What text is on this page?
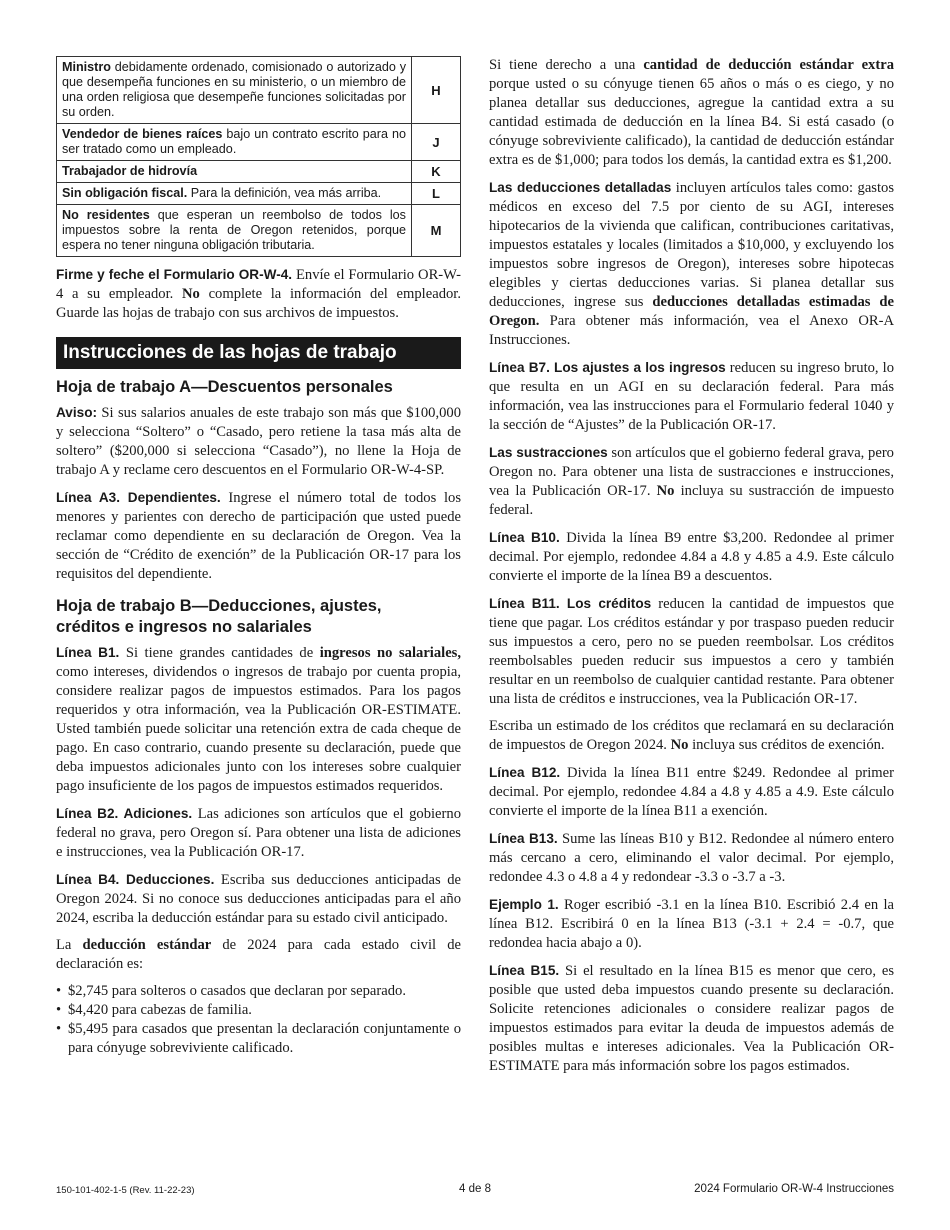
Ministro debidamente ordenado, comisionado o autorizado y que desempeña funciones en su ministerio, o un miembro de una orden religiosa que desempeñe funciones solicitadas por su orden.	H
Vendedor de bienes raíces bajo un contrato escrito para no ser tratado como un empleado.	J
Trabajador de hidrovía	K
Sin obligación fiscal. Para la definición, vea más arriba.	L
No residentes que esperan un reembolso de todos los impuestos sobre la renta de Oregon retenidos, porque espera no tener ninguna obligación tributaria.	M

Firme y feche el Formulario OR-W-4. Envíe el Formulario OR-W-4 a su empleador. No complete la información del empleador. Guarde las hojas de trabajo con sus archivos de impuestos.

Instrucciones de las hojas de trabajo
Hoja de trabajo A—Descuentos personales

Aviso: Si sus salarios anuales de este trabajo son más que $100,000 y selecciona “Soltero” o “Casado, pero retiene la tasa más alta de soltero” ($200,000 si selecciona “Casado”), no llene la Hoja de trabajo A y reclame cero descuentos en el Formulario OR-W-4-SP.

Línea A3. Dependientes. Ingrese el número total de todos los menores y parientes con derecho de participación que usted puede reclamar como dependiente en su declaración de Oregon. Vea la sección de “Crédito de exención” de la Publicación OR-17 para los requisitos del dependiente.

Hoja de trabajo B—Deducciones, ajustes,
créditos e ingresos no salariales

Línea B1. Si tiene grandes cantidades de ingresos no salariales, como intereses, dividendos o ingresos de trabajo por cuenta propia, considere realizar pagos de impuestos estimados. Para los pagos requeridos y otra información, vea la Publicación OR-ESTIMATE. Usted también puede solicitar una retención extra de cada cheque de pago. En caso contrario, cuando presente su declaración, puede que deba impuestos adicionales junto con los intereses sobre cualquier pago insuficiente de los pagos de impuestos estimados requeridos.

Línea B2. Adiciones. Las adiciones son artículos que el gobierno federal no grava, pero Oregon sí. Para obtener una lista de adiciones e instrucciones, vea la Publicación OR-17.

Línea B4. Deducciones. Escriba sus deducciones anticipadas de Oregon 2024. Si no conoce sus deducciones anticipadas para el año 2024, escriba la deducción estándar para su estado civil anticipado.

La deducción estándar de 2024 para cada estado civil de declaración es:

• $2,745 para solteros o casados que declaran por separado.
• $4,420 para cabezas de familia.
• $5,495 para casados que presentan la declaración conjuntamente o para cónyuge sobreviviente calificado.

Si tiene derecho a una cantidad de deducción estándar extra porque usted o su cónyuge tienen 65 años o más o es ciego, y no planea detallar sus deducciones, agregue la cantidad extra a su cantidad estimada de deducción en la línea B4. Si está casado (o cónyuge sobreviviente calificado), la cantidad de deducción estándar extra es de $1,000; para todos los demás, la cantidad extra es $1,200.

Las deducciones detalladas incluyen artículos tales como: gastos médicos en exceso del 7.5 por ciento de su AGI, intereses hipotecarios de la vivienda que califican, contribuciones caritativas, impuestos estatales y locales (limitados a $10,000, y excluyendo los impuestos sobre ingresos de Oregon), intereses sobre hipotecas elegibles y ciertas deducciones varias. Si planea detallar sus deducciones, ingrese sus deducciones detalladas estimadas de Oregon. Para obtener más información, vea el Anexo OR-A Instrucciones.

Línea B7. Los ajustes a los ingresos reducen su ingreso bruto, lo que resulta en un AGI en su declaración federal. Para más información, vea las instrucciones para el Formulario federal 1040 y la sección de “Ajustes” de la Publicación OR-17.

Las sustracciones son artículos que el gobierno federal grava, pero Oregon no. Para obtener una lista de sustracciones e instrucciones, vea la Publicación OR-17. No incluya su sustracción de impuesto federal.

Línea B10. Divida la línea B9 entre $3,200. Redondee al primer decimal. Por ejemplo, redondee 4.84 a 4.8 y 4.85 a 4.9. Este cálculo convierte el importe de la línea B9 a descuentos.

Línea B11. Los créditos reducen la cantidad de impuestos que tiene que pagar. Los créditos estándar y por traspaso pueden reducir sus impuestos a cero, pero no se pueden reembolsar. Los créditos reembolsables pueden reducir sus impuestos a cero y también resultar en un reembolso de cualquier cantidad restante. Para obtener una lista de créditos e instrucciones, vea la Publicación OR-17.

Escriba un estimado de los créditos que reclamará en su declaración de impuestos de Oregon 2024. No incluya sus créditos de exención.

Línea B12. Divida la línea B11 entre $249. Redondee al primer decimal. Por ejemplo, redondee 4.84 a 4.8 y 4.85 a 4.9. Este cálculo convierte el importe de la línea B11 a exención.

Línea B13. Sume las líneas B10 y B12. Redondee al número entero más cercano a cero, eliminando el valor decimal. Por ejemplo, redondee 4.3 o 4.8 a 4 y redondear -3.3 o -3.7 a -3.

Ejemplo 1. Roger escribió -3.1 en la línea B10. Escribió 2.4 en la línea B12. Escribirá 0 en la línea B13 (-3.1 + 2.4 = -0.7, que redondea hacia abajo a 0).

Línea B15. Si el resultado en la línea B15 es menor que cero, es posible que usted deba impuestos cuando presente su declaración. Solicite retenciones adicionales o considere realizar pagos de impuestos estimados para evitar la deuda de impuestos además de posibles multas e intereses adicionales. Vea la Publicación OR-ESTIMATE para más información sobre los pagos estimados.

150-101-402-1-5 (Rev. 11-22-23)	4 de 8	2024 Formulario OR-W-4 Instrucciones
